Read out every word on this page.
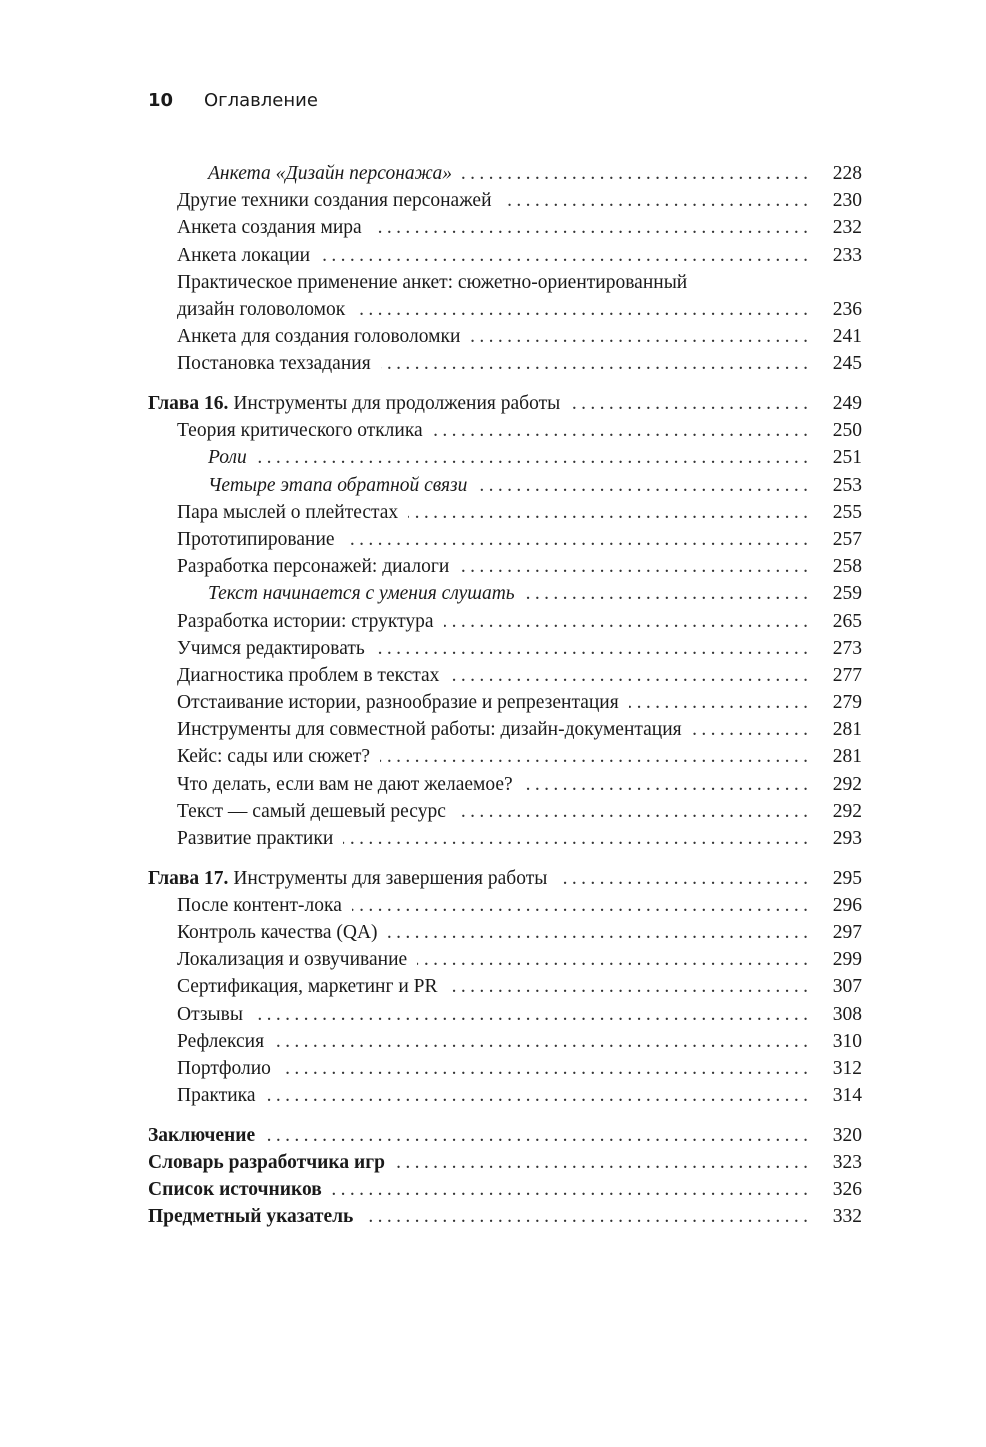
10 Оглавление
Анкета «Дизайн персонажа» . . .	228
Другие техники создания персонажей . . .	230
Анкета создания мира . . .	232
Анкета локации . . .	233
Практическое применение анкет: сюжетно-ориентированный
дизайн головоломок . . .	236
Анкета для создания головоломки . . .	241
Постановка техзадания . . .	245
Глава 16. Инструменты для продолжения работы . . .	249
Теория критического отклика . . .	250
Роли . . .	251
Четыре этапа обратной связи . . .	253
Пара мыслей о плейтестах . . .	255
Прототипирование . . .	257
Разработка персонажей: диалоги . . .	258
Текст начинается с умения слушать . . .	259
Разработка истории: структура . . .	265
Учимся редактировать . . .	273
Диагностика проблем в текстах . . .	277
Отстаивание истории, разнообразие и репрезентация . . .	279
Инструменты для совместной работы: дизайн-документация . . .	281
Кейс: сады или сюжет? . . .	281
Что делать, если вам не дают желаемое? . . .	292
Текст — самый дешевый ресурс . . .	292
Развитие практики . . .	293
Глава 17. Инструменты для завершения работы . . .	295
После контент-лока . . .	296
Контроль качества (QA) . . .	297
Локализация и озвучивание . . .	299
Сертификация, маркетинг и PR . . .	307
Отзывы . . .	308
Рефлексия . . .	310
Портфолио . . .	312
Практика . . .	314
Заключение . . .	320
Словарь разработчика игр . . .	323
Список источников . . .	326
Предметный указатель . . .	332
